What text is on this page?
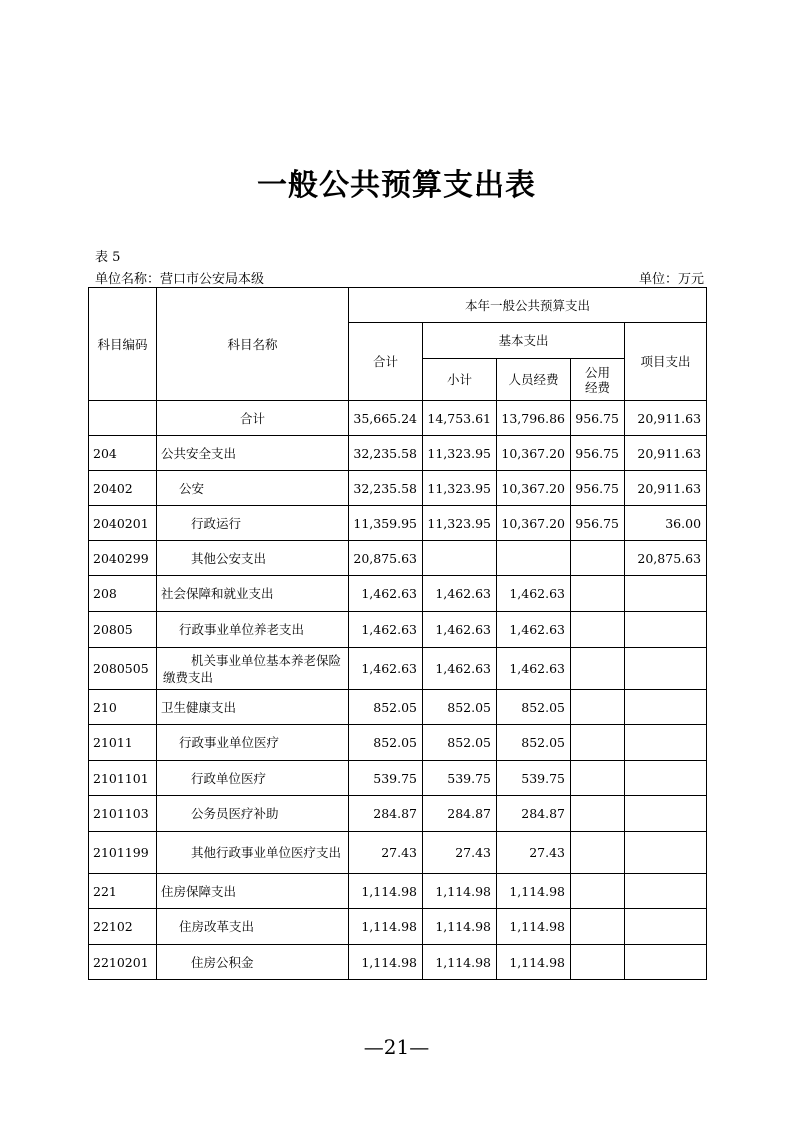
一般公共预算支出表
表 5
单位名称：营口市公安局本级	单位：万元
科目编码	科目名称	本年一般公共预算支出				
		合计	基本支出			项目支出
			小计	人员经费	公用经费	
	合计	35,665.24	14,753.61	13,796.86	956.75	20,911.63
204	公共安全支出	32,235.58	11,323.95	10,367.20	956.75	20,911.63
20402	公安	32,235.58	11,323.95	10,367.20	956.75	20,911.63
2040201	行政运行	11,359.95	11,323.95	10,367.20	956.75	36.00
2040299	其他公安支出	20,875.63				20,875.63
208	社会保障和就业支出	1,462.63	1,462.63	1,462.63		
20805	行政事业单位养老支出	1,462.63	1,462.63	1,462.63		
2080505	机关事业单位基本养老保险缴费支出	1,462.63	1,462.63	1,462.63		
210	卫生健康支出	852.05	852.05	852.05		
21011	行政事业单位医疗	852.05	852.05	852.05		
2101101	行政单位医疗	539.75	539.75	539.75		
2101103	公务员医疗补助	284.87	284.87	284.87		
2101199	其他行政事业单位医疗支出	27.43	27.43	27.43		
221	住房保障支出	1,114.98	1,114.98	1,114.98		
22102	住房改革支出	1,114.98	1,114.98	1,114.98		
2210201	住房公积金	1,114.98	1,114.98	1,114.98		
—21—
